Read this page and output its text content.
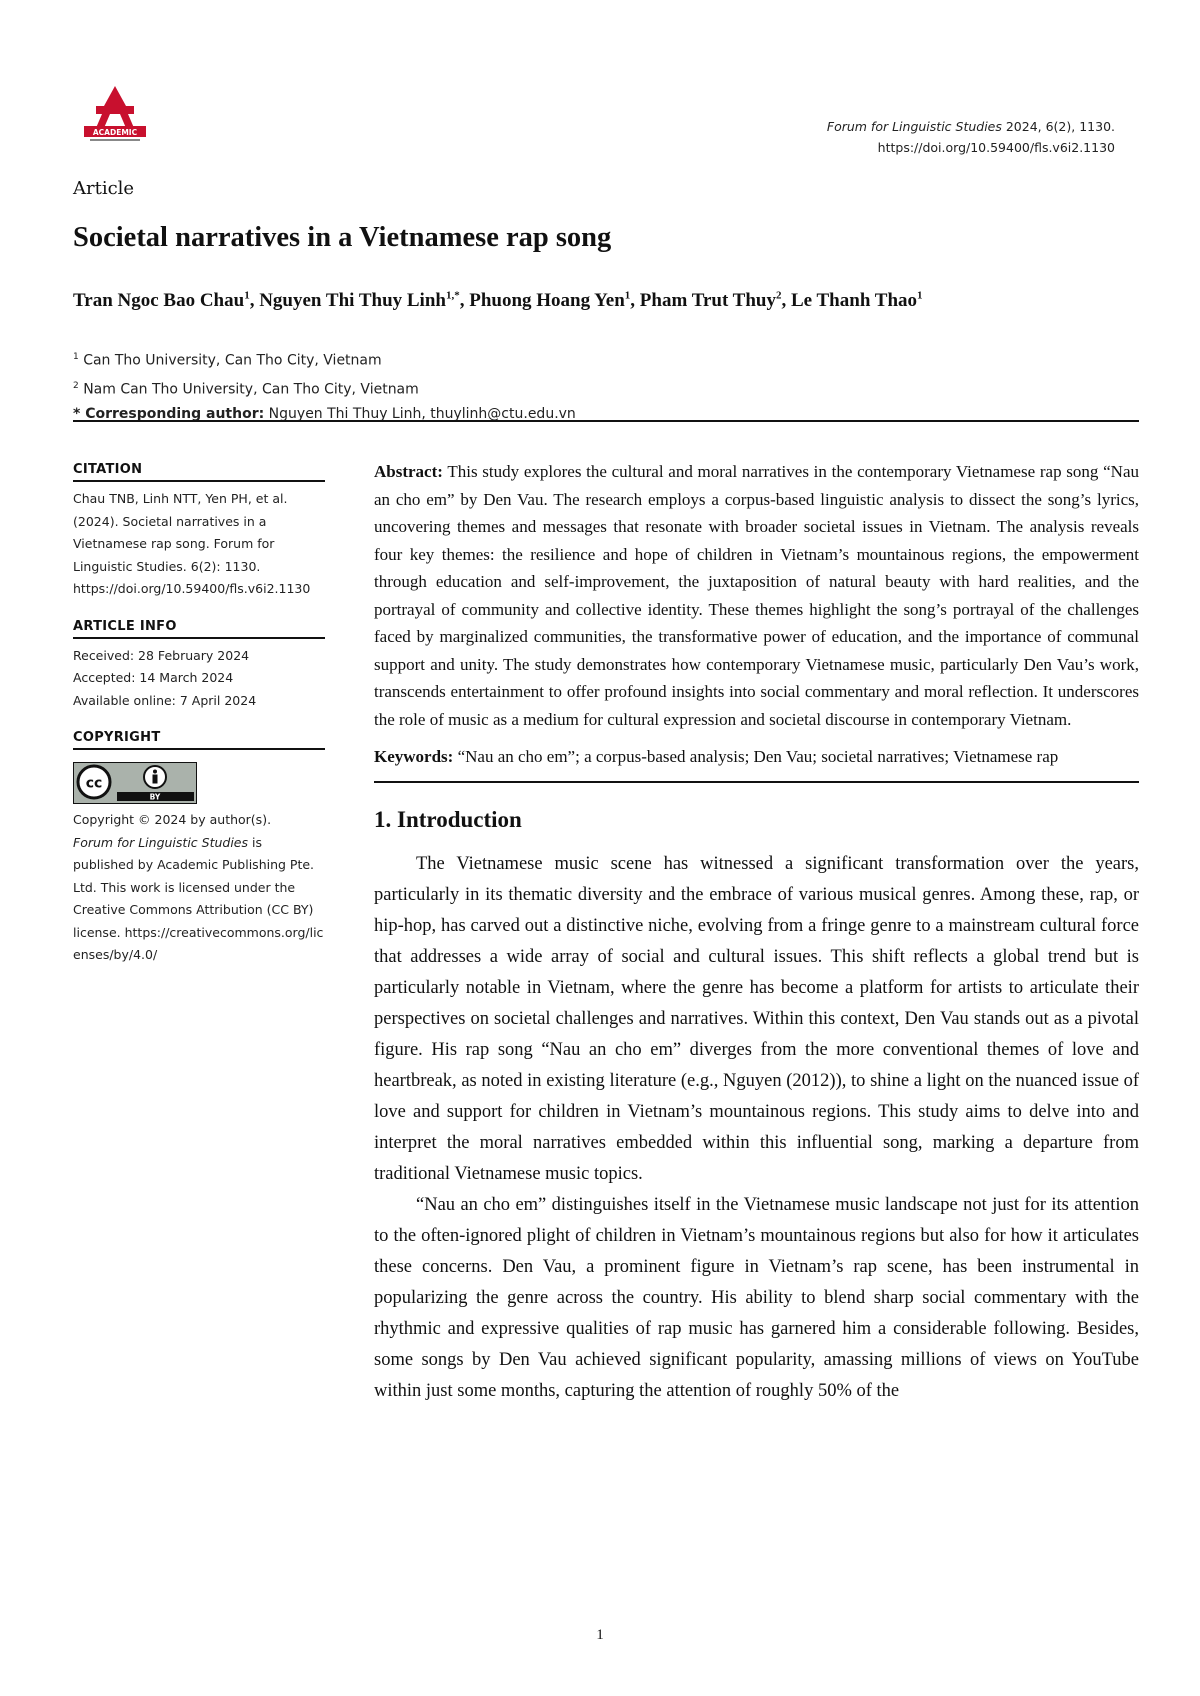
ACADEMIC	Forum for Linguistic Studies 2024, 6(2), 1130.
https://doi.org/10.59400/fls.v6i2.1130
Article
Societal narratives in a Vietnamese rap song
Tran Ngoc Bao Chau$^1$, Nguyen Thi Thuy Linh$^{1,*}$, Phuong Hoang Yen$^1$, Pham Trut Thuy$^2$, Le Thanh Thao$^1$
$^1$ Can Tho University, Can Tho City, Vietnam
$^2$ Nam Can Tho University, Can Tho City, Vietnam
* Corresponding author: Nguyen Thi Thuy Linh, thuylinh@ctu.edu.vn
CITATION
Chau TNB, Linh NTT, Yen PH, et al. (2024). Societal narratives in a Vietnamese rap song. Forum for Linguistic Studies. 6(2): 1130. https://doi.org/10.59400/fls.v6i2.1130
ARTICLE INFO
Received: 28 February 2024
Accepted: 14 March 2024
Available online: 7 April 2024
COPYRIGHT
cc
BY
Copyright © 2024 by author(s).
Forum for Linguistic Studies is published by Academic Publishing Pte. Ltd. This work is licensed under the Creative Commons Attribution (CC BY) license. https://creativecommons.org/licenses/by/4.0/

Abstract: This study explores the cultural and moral narratives in the contemporary Vietnamese rap song “Nau an cho em” by Den Vau. The research employs a corpus-based linguistic analysis to dissect the song’s lyrics, uncovering themes and messages that resonate with broader societal issues in Vietnam. The analysis reveals four key themes: the resilience and hope of children in Vietnam’s mountainous regions, the empowerment through education and self-improvement, the juxtaposition of natural beauty with hard realities, and the portrayal of community and collective identity. These themes highlight the song’s portrayal of the challenges faced by marginalized communities, the transformative power of education, and the importance of communal support and unity. The study demonstrates how contemporary Vietnamese music, particularly Den Vau’s work, transcends entertainment to offer profound insights into social commentary and moral reflection. It underscores the role of music as a medium for cultural expression and societal discourse in contemporary Vietnam.

Keywords: “Nau an cho em”; a corpus-based analysis; Den Vau; societal narratives; Vietnamese rap

1. Introduction

The Vietnamese music scene has witnessed a significant transformation over the years, particularly in its thematic diversity and the embrace of various musical genres. Among these, rap, or hip-hop, has carved out a distinctive niche, evolving from a fringe genre to a mainstream cultural force that addresses a wide array of social and cultural issues. This shift reflects a global trend but is particularly notable in Vietnam, where the genre has become a platform for artists to articulate their perspectives on societal challenges and narratives. Within this context, Den Vau stands out as a pivotal figure. His rap song “Nau an cho em” diverges from the more conventional themes of love and heartbreak, as noted in existing literature (e.g., Nguyen (2012)), to shine a light on the nuanced issue of love and support for children in Vietnam’s mountainous regions. This study aims to delve into and interpret the moral narratives embedded within this influential song, marking a departure from traditional Vietnamese music topics.

“Nau an cho em” distinguishes itself in the Vietnamese music landscape not just for its attention to the often-ignored plight of children in Vietnam’s mountainous regions but also for how it articulates these concerns. Den Vau, a prominent figure in Vietnam’s rap scene, has been instrumental in popularizing the genre across the country. His ability to blend sharp social commentary with the rhythmic and expressive qualities of rap music has garnered him a considerable following. Besides, some songs by Den Vau achieved significant popularity, amassing millions of views on YouTube within just some months, capturing the attention of roughly 50% of the

1
